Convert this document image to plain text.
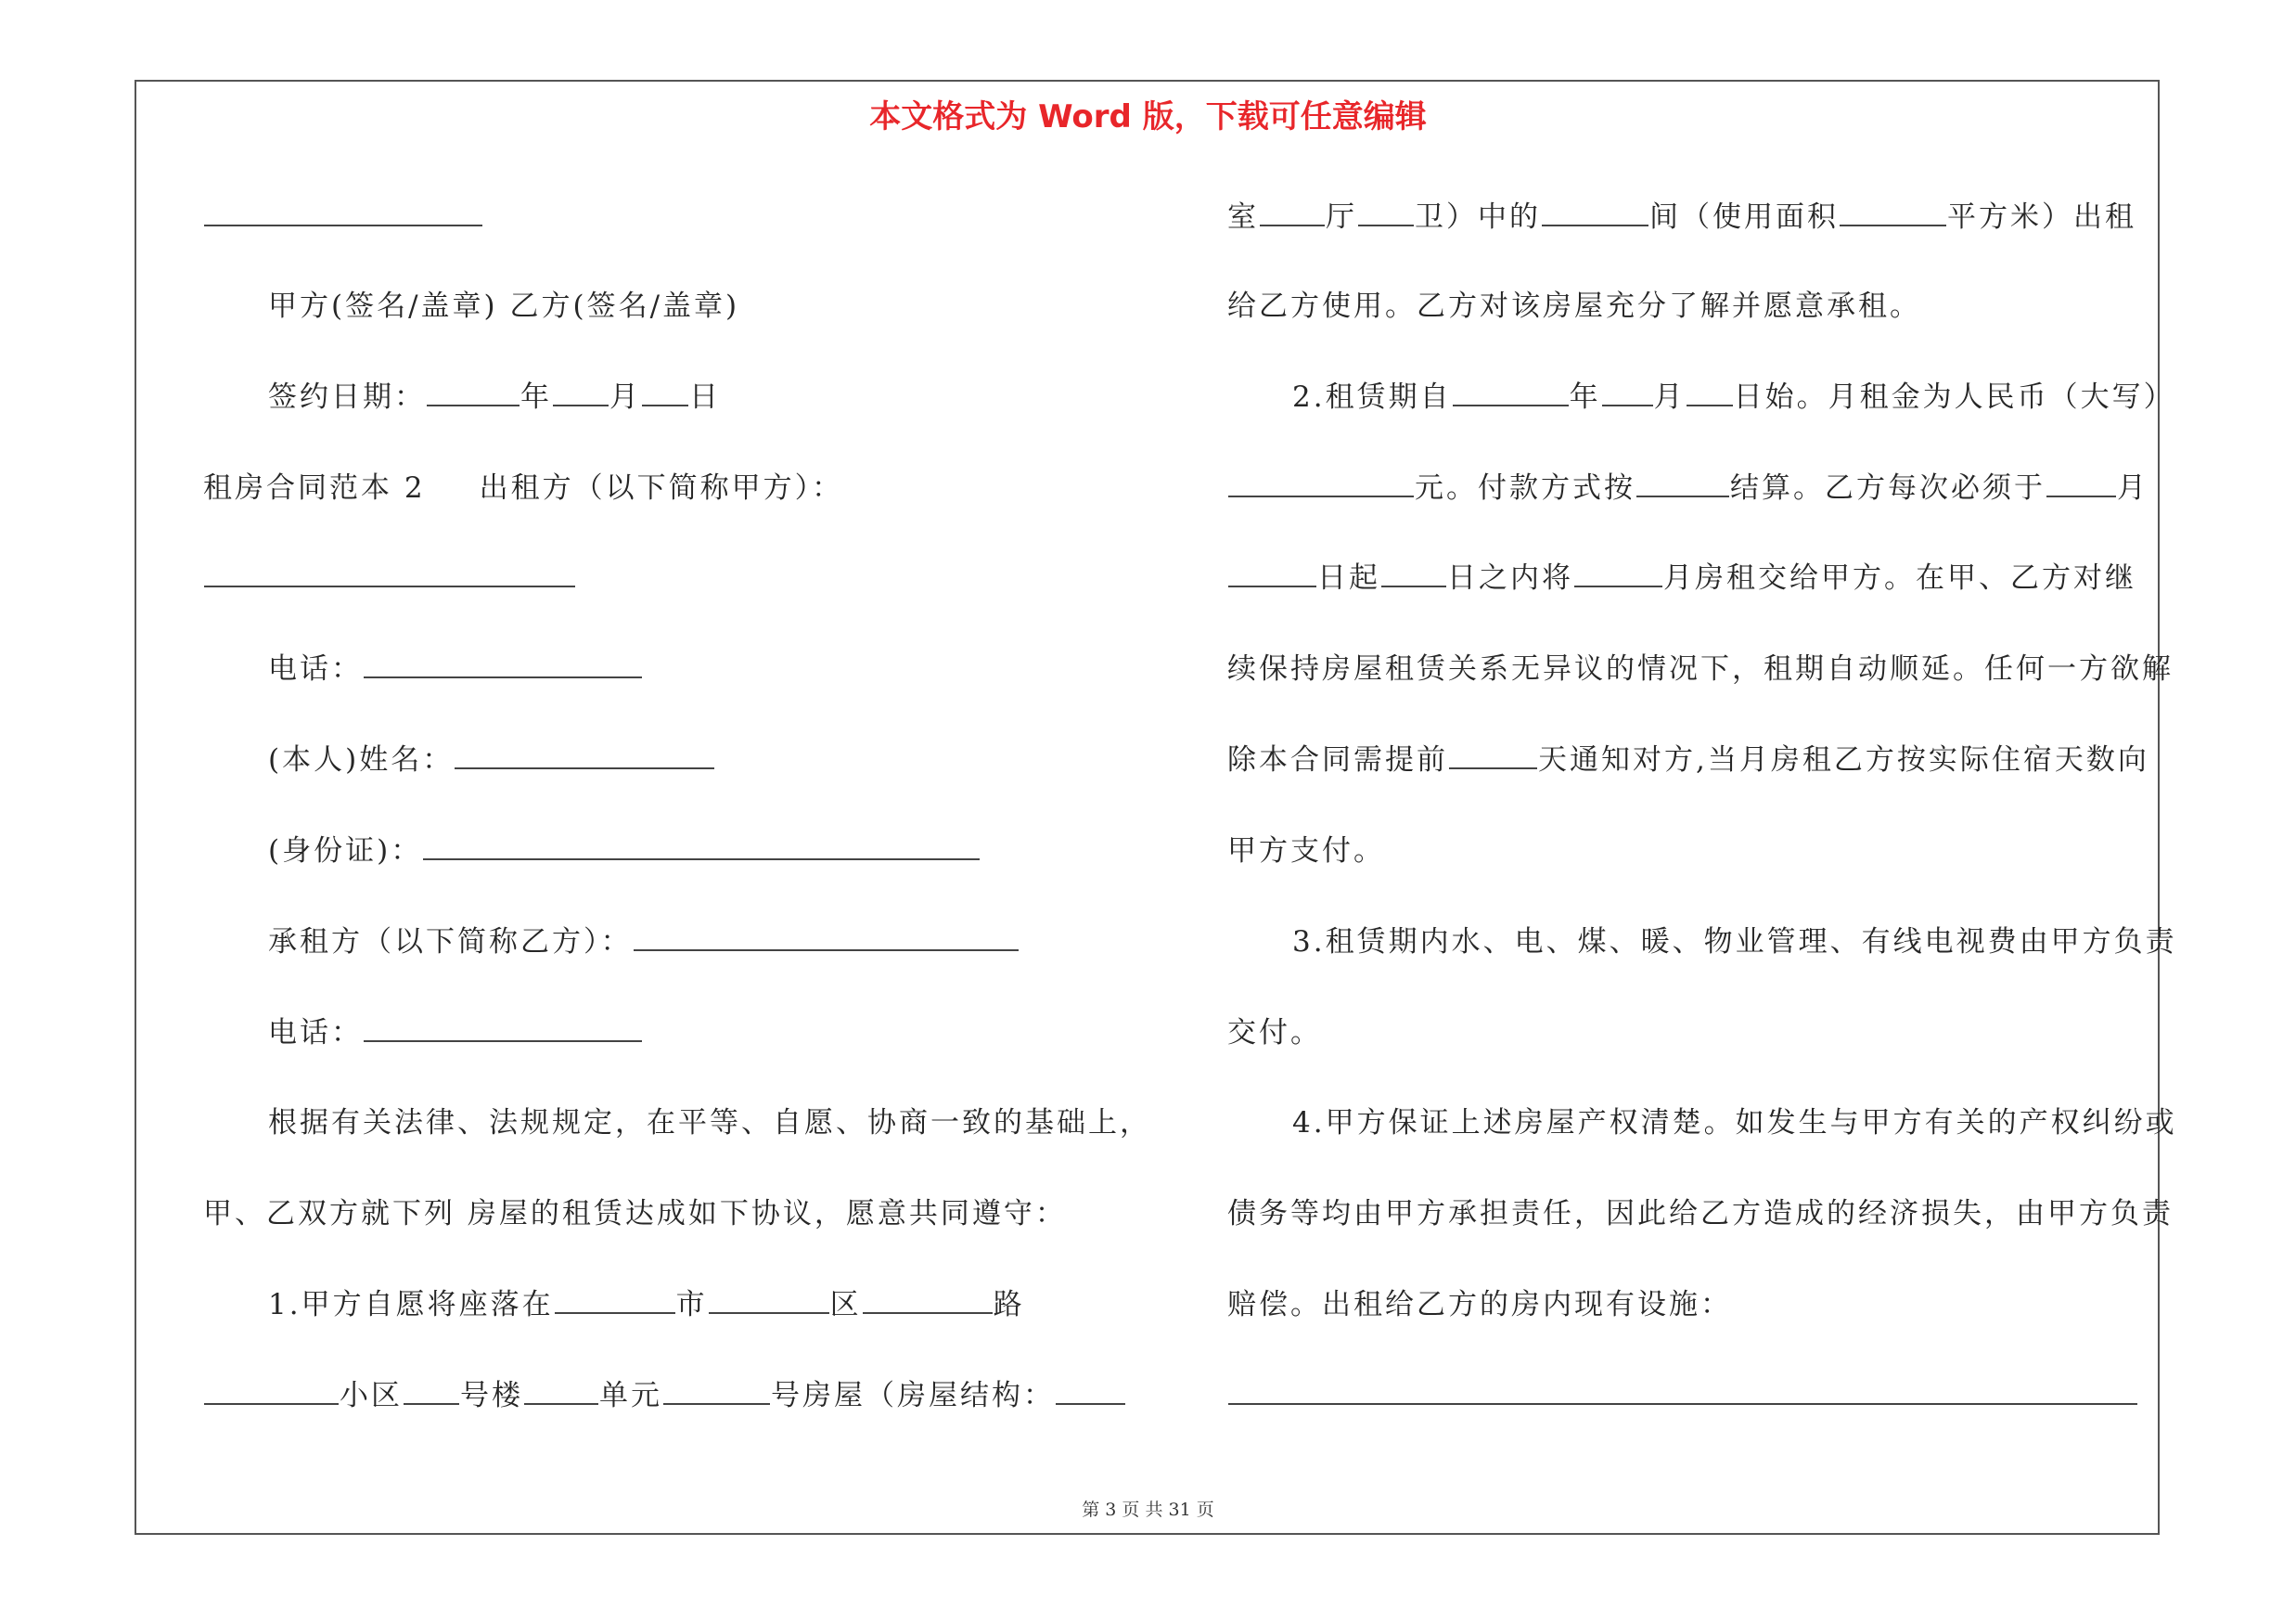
本文格式为 Word 版，下载可任意编辑
甲方(签名/盖章) 乙方(签名/盖章)
签约日期：	年 月 日
租房合同范本 2 出租方（以下简称甲方）：
电话：
(本人)姓名：
(身份证)：
承租方（以下简称乙方）：
电话：
根据有关法律、法规规定，在平等、自愿、协商一致的基础上，
甲、乙双方就下列 房屋的租赁达成如下协议，愿意共同遵守：
1.甲方自愿将座落在	市	区	路
小区 号楼	单元	号房屋（房屋结构：
室 厅 卫）中的	间（使用面积	平方米）出租
给乙方使用。乙方对该房屋充分了解并愿意承租。
2.租赁期自	年 月 日始。月租金为人民币（大写）
元。付款方式按	结算。乙方每次必须于 月
日起 日之内将	月房租交给甲方。在甲、乙方对继
续保持房屋租赁关系无异议的情况下，租期自动顺延。任何一方欲解
除本合同需提前	天通知对方,当月房租乙方按实际住宿天数向
甲方支付。
3.租赁期内水、电、煤、暖、物业管理、有线电视费由甲方负责
交付。
4.甲方保证上述房屋产权清楚。如发生与甲方有关的产权纠纷或
债务等均由甲方承担责任，因此给乙方造成的经济损失，由甲方负责
赔偿。出租给乙方的房内现有设施：
第 3 页 共 31 页
